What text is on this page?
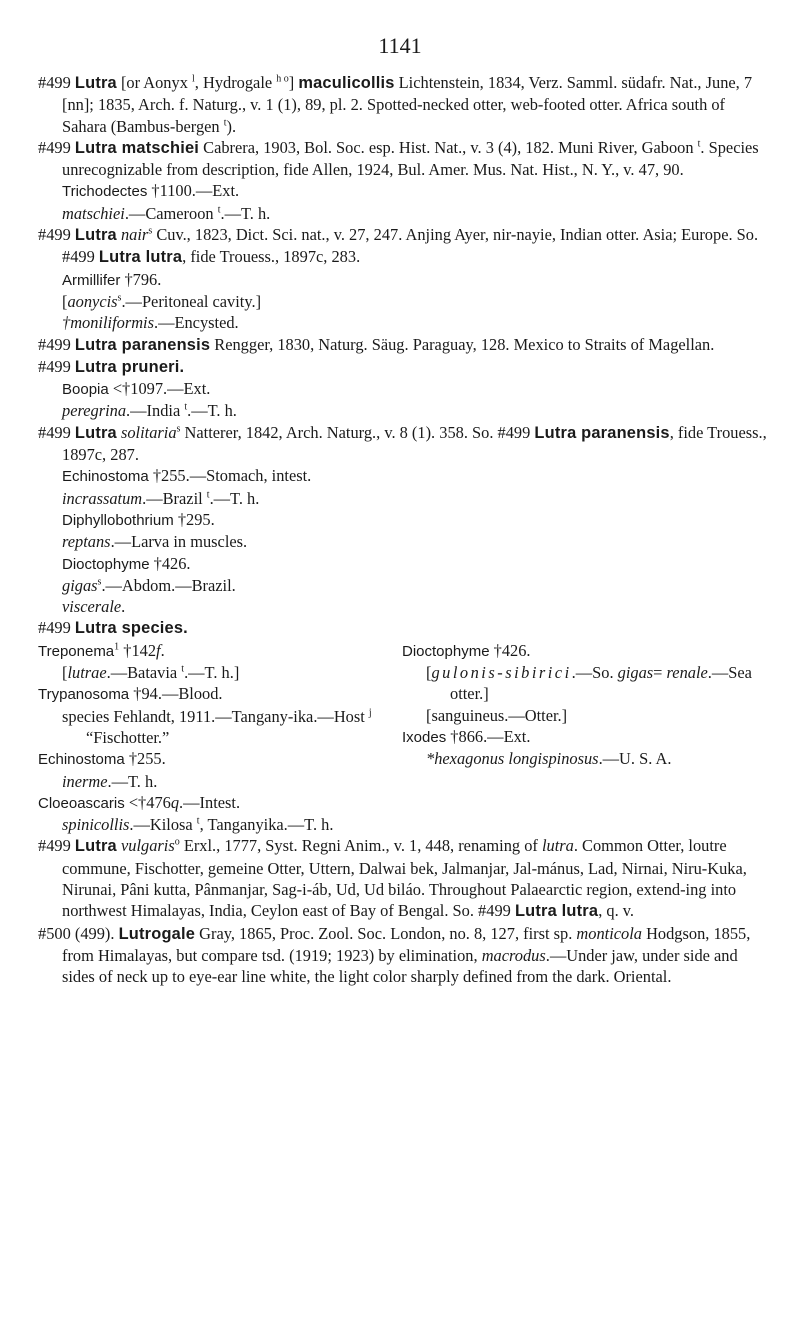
1141

#499 Lutra [or Aonyx $^l$, Hydrogale $^{h o}$] maculicollis Lichtenstein, 1834, Verz. Samml. südafr. Nat., June, 7 [nn]; 1835, Arch. f. Naturg., v. 1 (1), 89, pl. 2. Spotted-necked otter, web-footed otter. Africa south of Sahara (Bambus-bergen $^t$).

#499 Lutra matschiei Cabrera, 1903, Bol. Soc. esp. Hist. Nat., v. 3 (4), 182. Muni River, Gaboon $^t$. Species unrecognizable from description, fide Allen, 1924, Bul. Amer. Mus. Nat. Hist., N. Y., v. 47, 90.

Trichodectes †1100.—Ext.

matschiei.—Cameroon $^t$.—T. h.

#499 Lutra nair$^s$ Cuv., 1823, Dict. Sci. nat., v. 27, 247. Anjing Ayer, nir-nayie, Indian otter. Asia; Europe. So. #499 Lutra lutra, fide Trouess., 1897c, 283.

Armillifer †796.

[aonycis$^s$.—Peritoneal cavity.]

†moniliformis.—Encysted.

#499 Lutra paranensis Rengger, 1830, Naturg. Säug. Paraguay, 128. Mexico to Straits of Magellan.

#499 Lutra pruneri.

Boopia <†1097.—Ext.

peregrina.—India $^t$.—T. h.

#499 Lutra solitaria$^s$ Natterer, 1842, Arch. Naturg., v. 8 (1). 358. So. #499 Lutra paranensis, fide Trouess., 1897c, 287.

Echinostoma †255.—Stomach, intest.

incrassatum.—Brazil $^t$.—T. h.

Diphyllobothrium †295.

reptans.—Larva in muscles.

Dioctophyme †426.

gigas$^s$.—Abdom.—Brazil.

viscerale.

#499 Lutra species.

Treponema$^1$ †142f.

[lutrae.—Batavia $^t$.—T. h.]

Trypanosoma †94.—Blood.

species Fehlandt, 1911.—Tangany-ika.—Host $^j$ “Fischotter.”

Echinostoma †255.

inerme.—T. h.

Cloeoascaris <†476q.—Intest.

spinicollis.—Kilosa $^t$, Tanganyika.—T. h.

Dioctophyme †426.

[gulonis-sibirici.—So. gigas= renale.—Sea otter.]

[sanguineus.—Otter.]

Ixodes †866.—Ext.

*hexagonus longispinosus.—U. S. A.

#499 Lutra vulgaris$^o$ Erxl., 1777, Syst. Regni Anim., v. 1, 448, renaming of lutra. Common Otter, loutre commune, Fischotter, gemeine Otter, Uttern, Dalwai bek, Jalmanjar, Jal-mánus, Lad, Nirnai, Niru-Kuka, Nirunai, Pâni kutta, Pânmanjar, Sag-i-áb, Ud, Ud biláo. Throughout Palaearctic region, extend-ing into northwest Himalayas, India, Ceylon east of Bay of Bengal. So. #499 Lutra lutra, q. v.

#500 (499). Lutrogale Gray, 1865, Proc. Zool. Soc. London, no. 8, 127, first sp. monticola Hodgson, 1855, from Himalayas, but compare tsd. (1919; 1923) by elimination, macrodus.—Under jaw, under side and sides of neck up to eye-ear line white, the light color sharply defined from the dark. Oriental.
